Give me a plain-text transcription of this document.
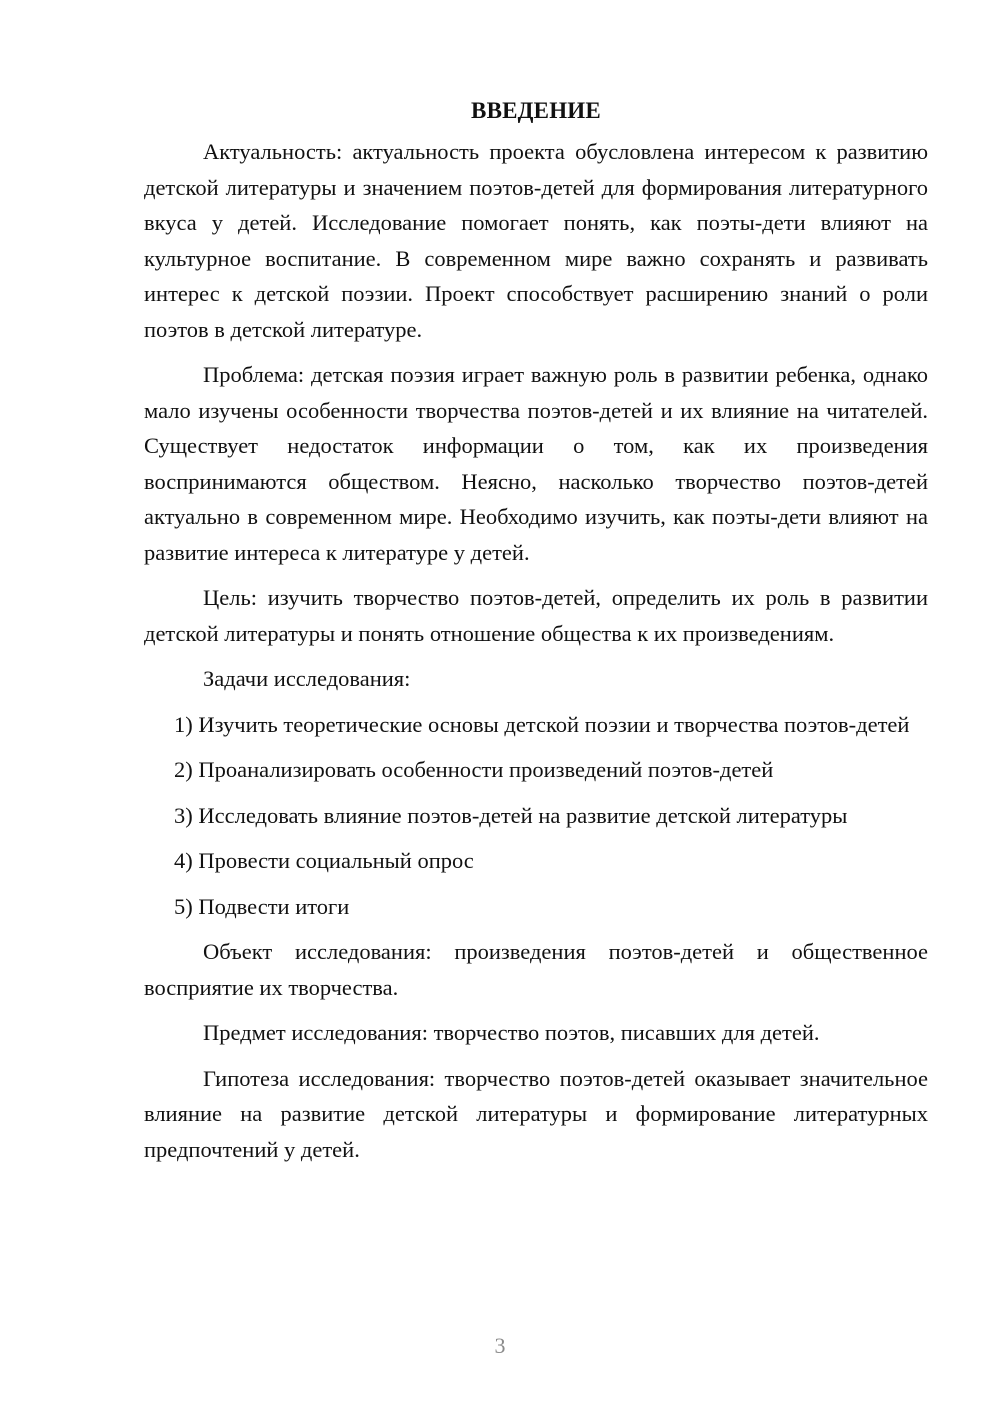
ВВЕДЕНИЕ

Актуальность: актуальность проекта обусловлена интересом к развитию детской литературы и значением поэтов-детей для формирования литературного вкуса у детей. Исследование помогает понять, как поэты-дети влияют на культурное воспитание. В современном мире важно сохранять и развивать интерес к детской поэзии. Проект способствует расширению знаний о роли поэтов в детской литературе.

Проблема: детская поэзия играет важную роль в развитии ребенка, однако мало изучены особенности творчества поэтов-детей и их влияние на читателей. Существует недостаток информации о том, как их произведения воспринимаются обществом. Неясно, насколько творчество поэтов-детей актуально в современном мире. Необходимо изучить, как поэты-дети влияют на развитие интереса к литературе у детей.

Цель: изучить творчество поэтов-детей, определить их роль в развитии детской литературы и понять отношение общества к их произведениям.

Задачи исследования:

1) Изучить теоретические основы детской поэзии и творчества поэтов-детей
2) Проанализировать особенности произведений поэтов-детей
3) Исследовать влияние поэтов-детей на развитие детской литературы
4) Провести социальный опрос
5) Подвести итоги

Объект исследования: произведения поэтов-детей и общественное восприятие их творчества.

Предмет исследования: творчество поэтов, писавших для детей.

Гипотеза исследования: творчество поэтов-детей оказывает значительное влияние на развитие детской литературы и формирование литературных предпочтений у детей.

3
